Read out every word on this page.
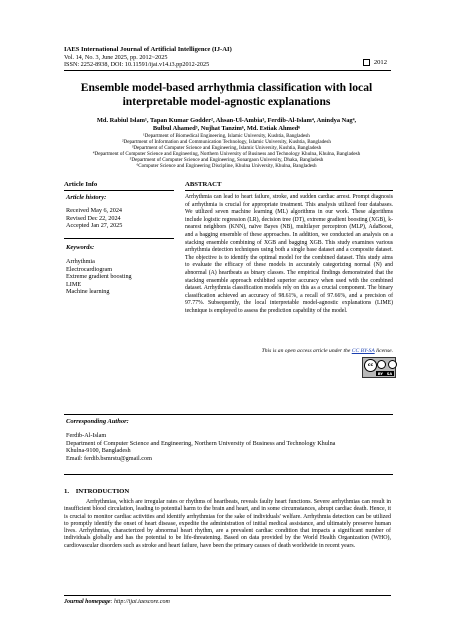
IAES International Journal of Artificial Intelligence (IJ-AI)
Vol. 14, No. 3, June 2025, pp. 2012~2025
ISSN: 2252-8938, DOI: 10.11591/ijai.v14.i3.pp2012-2025	2012
Ensemble model-based arrhythmia classification with local interpretable model-agnostic explanations
Md. Rabiul Islam¹, Tapan Kumar Godder², Ahsan-Ul-Ambia³, Ferdib-Al-Islam⁴, Anindya Nag⁴,
Bulbul Ahamed⁵, Nujhat Tanzim⁶, Md. Estiak Ahmed⁶
¹Department of Biomedical Engineering, Islamic University, Kushtia, Bangladesh
²Department of Information and Communication Technology, Islamic University, Kushtia, Bangladesh
³Department of Computer Science and Engineering, Islamic University, Kushtia, Bangladesh
⁴Department of Computer Science and Engineering, Northern University of Business and Technology Khulna, Khulna, Bangladesh
⁵Department of Computer Science and Engineering, Sonargaon University, Dhaka, Bangladesh
⁶Computer Science and Engineering Discipline, Khulna University, Khulna, Bangladesh
Article Info
Article history:
Received May 6, 2024
Revised Dec 22, 2024
Accepted Jan 27, 2025
Keywords:
Arrhythmia
Electrocardiogram
Extreme gradient boosting
LIME
Machine learning
ABSTRACT
Arrhythmia can lead to heart failure, stroke, and sudden cardiac arrest. Prompt diagnosis of arrhythmia is crucial for appropriate treatment. This analysis utilized four databases. We utilized seven machine learning (ML) algorithms in our work. These algorithms include logistic regression (LR), decision tree (DT), extreme gradient boosting (XGB), k-nearest neighbors (KNN), naïve Bayes (NB), multilayer perceptron (MLP), AdaBoost, and a bagging ensemble of these approaches. In addition, we conducted an analysis on a stacking ensemble combining of XGB and bagging XGB. This study examines various arrhythmia detection techniques using both a single base dataset and a composite dataset. The objective is to identify the optimal model for the combined dataset. This study aims to evaluate the efficacy of these models in accurately categorizing normal (N) and abnormal (A) heartbeats as binary classes. The empirical findings demonstrated that the stacking ensemble approach exhibited superior accuracy when used with the combined dataset. Arrhythmia classification models rely on this as a crucial component. The binary classification achieved an accuracy of 98.61%, a recall of 97.66%, and a precision of 97.77%. Subsequently, the local interpretable model-agnostic explanations (LIME) technique is employed to assess the prediction capability of the model.
This is an open access article under the CC BY-SA license.
cc
BY SA
Corresponding Author:
Ferdib-Al-Islam
Department of Computer Science and Engineering, Northern University of Business and Technology Khulna
Khulna-9100, Bangladesh
Email: ferdib.bsmrstu@gmail.com
1.    INTRODUCTION
Arrhythmias, which are irregular rates or rhythms of heartbeats, reveals faulty heart functions. Severe arrhythmias can result in insufficient blood circulation, leading to potential harm to the brain and heart, and in some circumstances, abrupt cardiac death. Hence, it is crucial to monitor cardiac activities and identify arrhythmias for the sake of individuals' welfare. Arrhythmia detection can be utilized to promptly identify the onset of heart disease, expedite the administration of initial medical assistance, and ultimately preserve human lives. Arrhythmias, characterized by abnormal heart rhythm, are a prevalent cardiac condition that impacts a significant number of individuals globally and has the potential to be life-threatening. Based on data provided by the World Health Organization (WHO), cardiovascular disorders such as stroke and heart failure, have been the primary causes of death worldwide in recent years.
Journal homepage: http://ijai.iaescore.com
